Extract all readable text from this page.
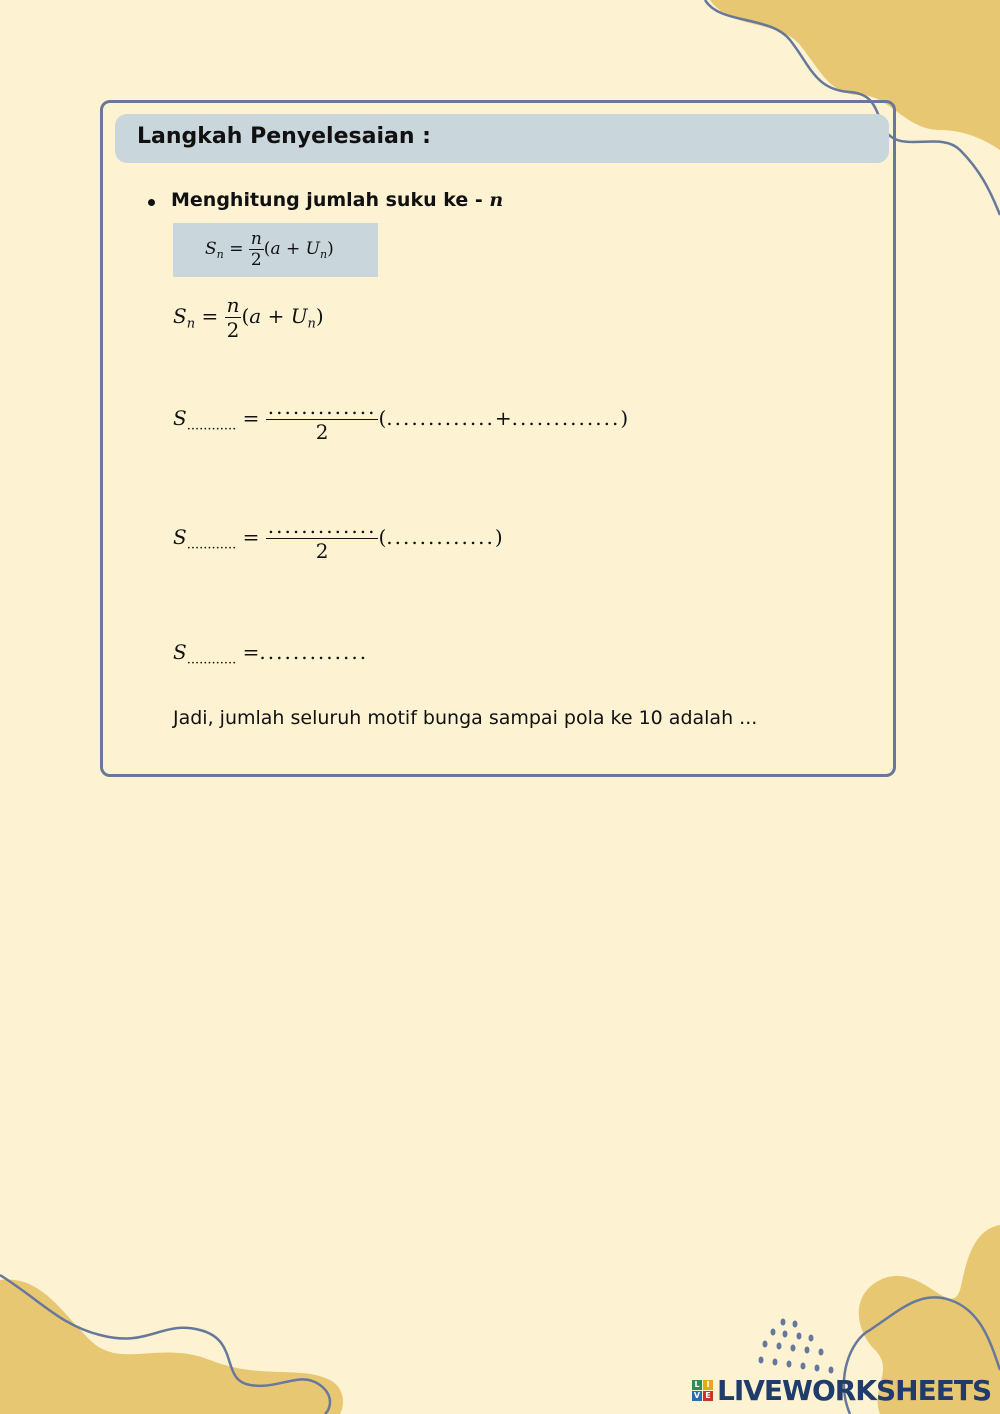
Langkah Penyelesaian :
Menghitung jumlah suku ke - n
$S_n = \frac{n}{2} (a + U_n)$
$S_n = \frac{n}{2} (a + U_n)$
$S_{............} = \frac{.............}{2}$ (.............+.............)
$S_{............} = \frac{.............}{2}$ (.............)
$S_{............}$ =.............
Jadi, jumlah seluruh motif bunga sampai pola ke 10 adalah ...
L I
V E LIVEWORKSHEETS
